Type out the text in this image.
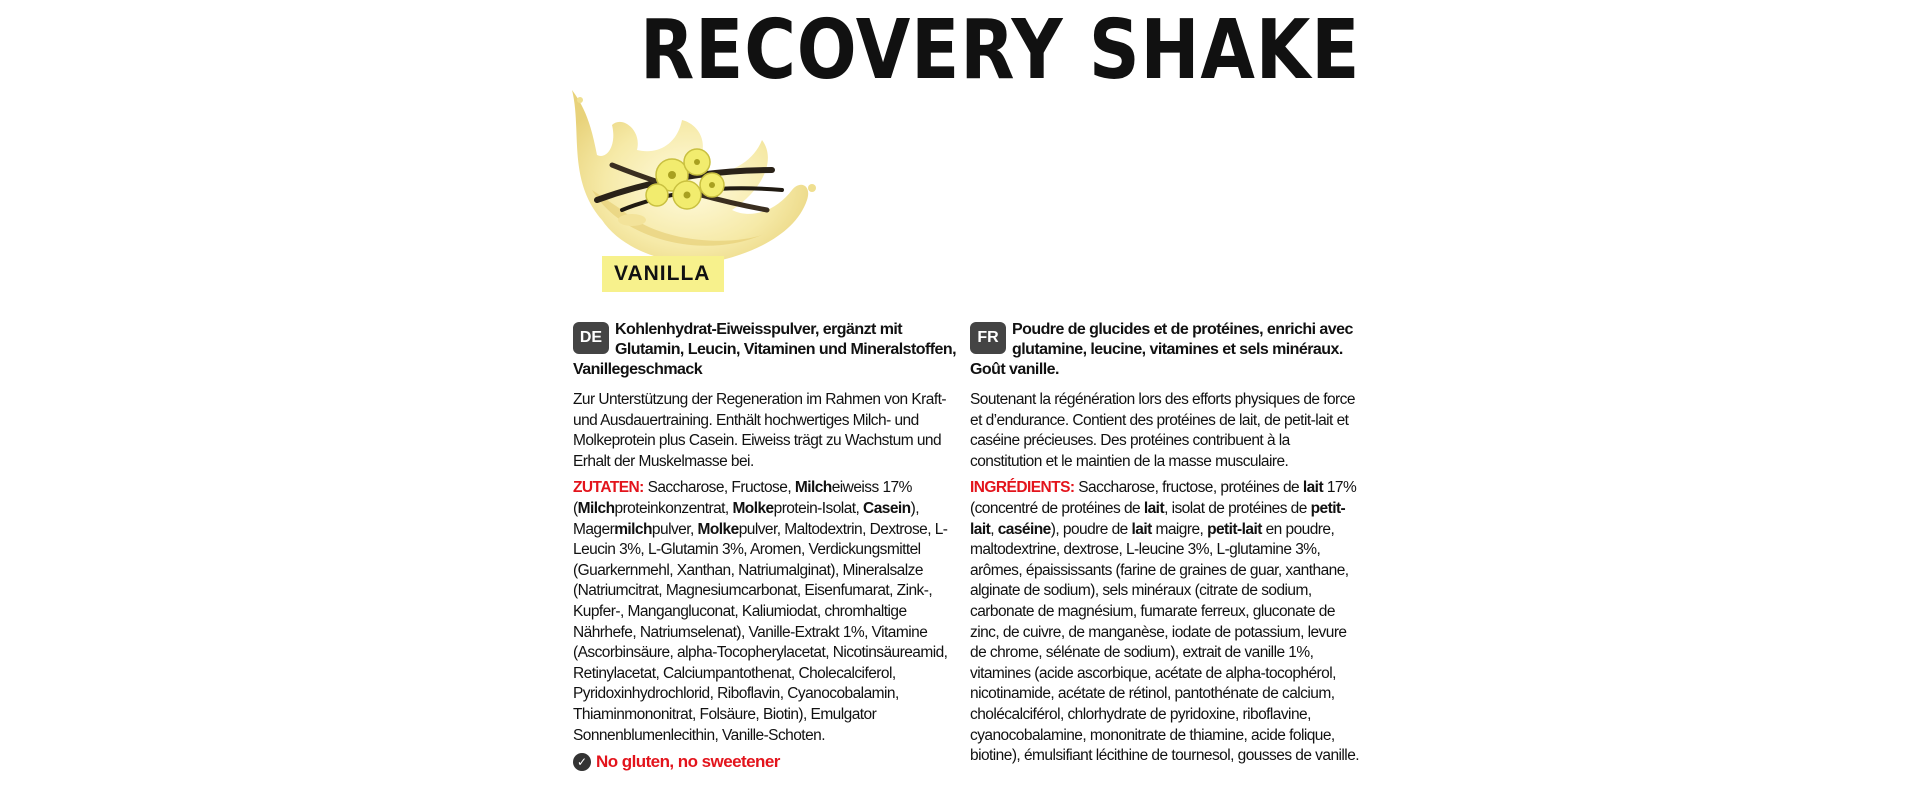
RECOVERY SHAKE
VANILLA
DE Kohlenhydrat-Eiweisspulver, ergänzt mit Glutamin, Leucin, Vitaminen und Mineralstoffen, Vanillegeschmack

Zur Unterstützung der Regeneration im Rahmen von Kraft- und Ausdauertraining. Enthält hochwertiges Milch- und Molkeprotein plus Casein. Eiweiss trägt zu Wachstum und Erhalt der Muskelmasse bei.

ZUTATEN: Saccharose, Fructose, Milcheiweiss 17% (Milchproteinkonzentrat, Molkeprotein-Isolat, Casein), Magermilchpulver, Molkepulver, Maltodextrin, Dextrose, L-Leucin 3%, L-Glutamin 3%, Aromen, Verdickungsmittel (Guarkernmehl, Xanthan, Natriumalginat), Mineralsalze (Natriumcitrat, Magnesiumcarbonat, Eisenfumarat, Zink-, Kupfer-, Mangangluconat, Kaliumiodat, chromhaltige Nährhefe, Natriumselenat), Vanille-Extrakt 1%, Vitamine (Ascorbinsäure, alpha-Tocopherylacetat, Nicotinsäureamid, Retinylacetat, Calciumpantothenat, Cholecalciferol, Pyridoxinhydrochlorid, Riboflavin, Cyanocobalamin, Thiaminmononitrat, Folsäure, Biotin), Emulgator Sonnenblumenlecithin, Vanille-Schoten.

✓ No gluten, no sweetener
FR Poudre de glucides et de protéines, enrichi avec glutamine, leucine, vitamines et sels minéraux. Goût vanille.

Soutenant la régénération lors des efforts physiques de force et d’endurance. Contient des protéines de lait, de petit-lait et caséine précieuses. Des protéines contribuent à la constitution et le maintien de la masse musculaire.

INGRÉDIENTS: Saccharose, fructose, protéines de lait 17% (concentré de protéines de lait, isolat de protéines de petit-lait, caséine), poudre de lait maigre, petit-lait en poudre, maltodextrine, dextrose, L-leucine 3%, L-glutamine 3%, arômes, épaississants (farine de graines de guar, xanthane, alginate de sodium), sels minéraux (citrate de sodium, carbonate de magnésium, fumarate ferreux, gluconate de zinc, de cuivre, de manganèse, iodate de potassium, levure de chrome, sélénate de sodium), extrait de vanille 1%, vitamines (acide ascorbique, acétate de alpha-tocophérol, nicotinamide, acétate de rétinol, pantothénate de calcium, cholécalciférol, chlorhydrate de pyridoxine, riboflavine, cyanocobalamine, mononitrate de thiamine, acide folique, biotine), émulsifiant lécithine de tournesol, gousses de vanille.
